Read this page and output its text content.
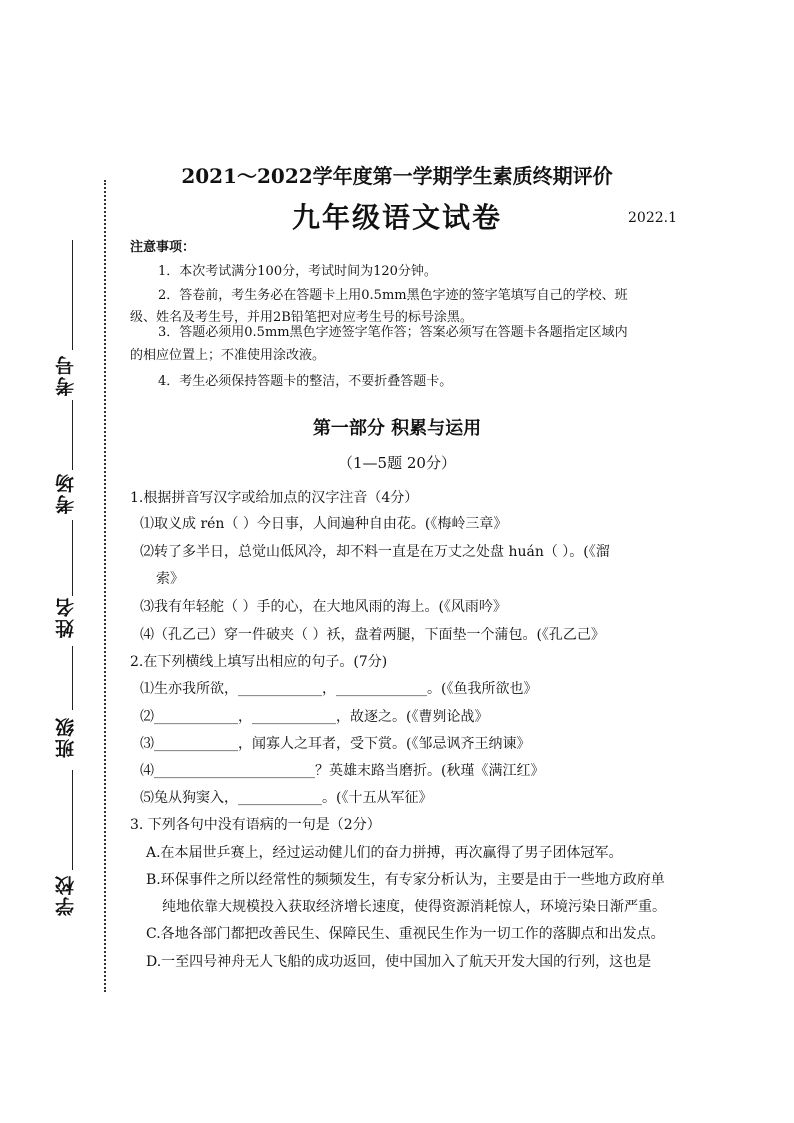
考号
考场
姓名
班级
学校
2021～2022学年度第一学期学生素质终期评价
九年级语文试卷	2022.1
注意事项：
1．本次考试满分100分，考试时间为120分钟。
2．答卷前，考生务必在答题卡上用0.5mm黑色字迹的签字笔填写自己的学校、班
级、姓名及考生号，并用2B铅笔把对应考生号的标号涂黑。
3．答题必须用0.5mm黑色字迹签字笔作答；答案必须写在答题卡各题指定区域内
的相应位置上；不准使用涂改液。
4．考生必须保持答题卡的整洁，不要折叠答题卡。
第一部分 积累与运用
（1—5题 20分）
1.根据拼音写汉字或给加点的汉字注音（4分）
⑴取义成 rén（ ）今日事，人间遍种自由花。(《梅岭三章》
⑵转了多半日，总觉山低风冷，却不料一直是在万丈之处盘 huán（ ）。(《溜
索》
⑶我有年轻舵（ ）手的心，在大地风雨的海上。(《风雨吟》
⑷（孔乙己）穿一件破夹（ ）袄，盘着两腿，下面垫一个蒲包。(《孔乙己》
2.在下列横线上填写出相应的句子。(7分)
⑴生亦我所欲，____________，_____________。(《鱼我所欲也》
⑵____________，____________，故逐之。(《曹刿论战》
⑶____________，闻寡人之耳者，受下赏。(《邹忌讽齐王纳谏》
⑷_______________________？英雄末路当磨折。(秋瑾《满江红》
⑸兔从狗窦入，____________。(《十五从军征》
3. 下列各句中没有语病的一句是（2分）
A.在本届世乒赛上，经过运动健儿们的奋力拼搏，再次赢得了男子团体冠军。
B.环保事件之所以经常性的频频发生，有专家分析认为，主要是由于一些地方政府单
纯地依靠大规模投入获取经济增长速度，使得资源消耗惊人，环境污染日渐严重。
C.各地各部门都把改善民生、保障民生、重视民生作为一切工作的落脚点和出发点。
D.一至四号神舟无人飞船的成功返回，使中国加入了航天开发大国的行列，这也是
